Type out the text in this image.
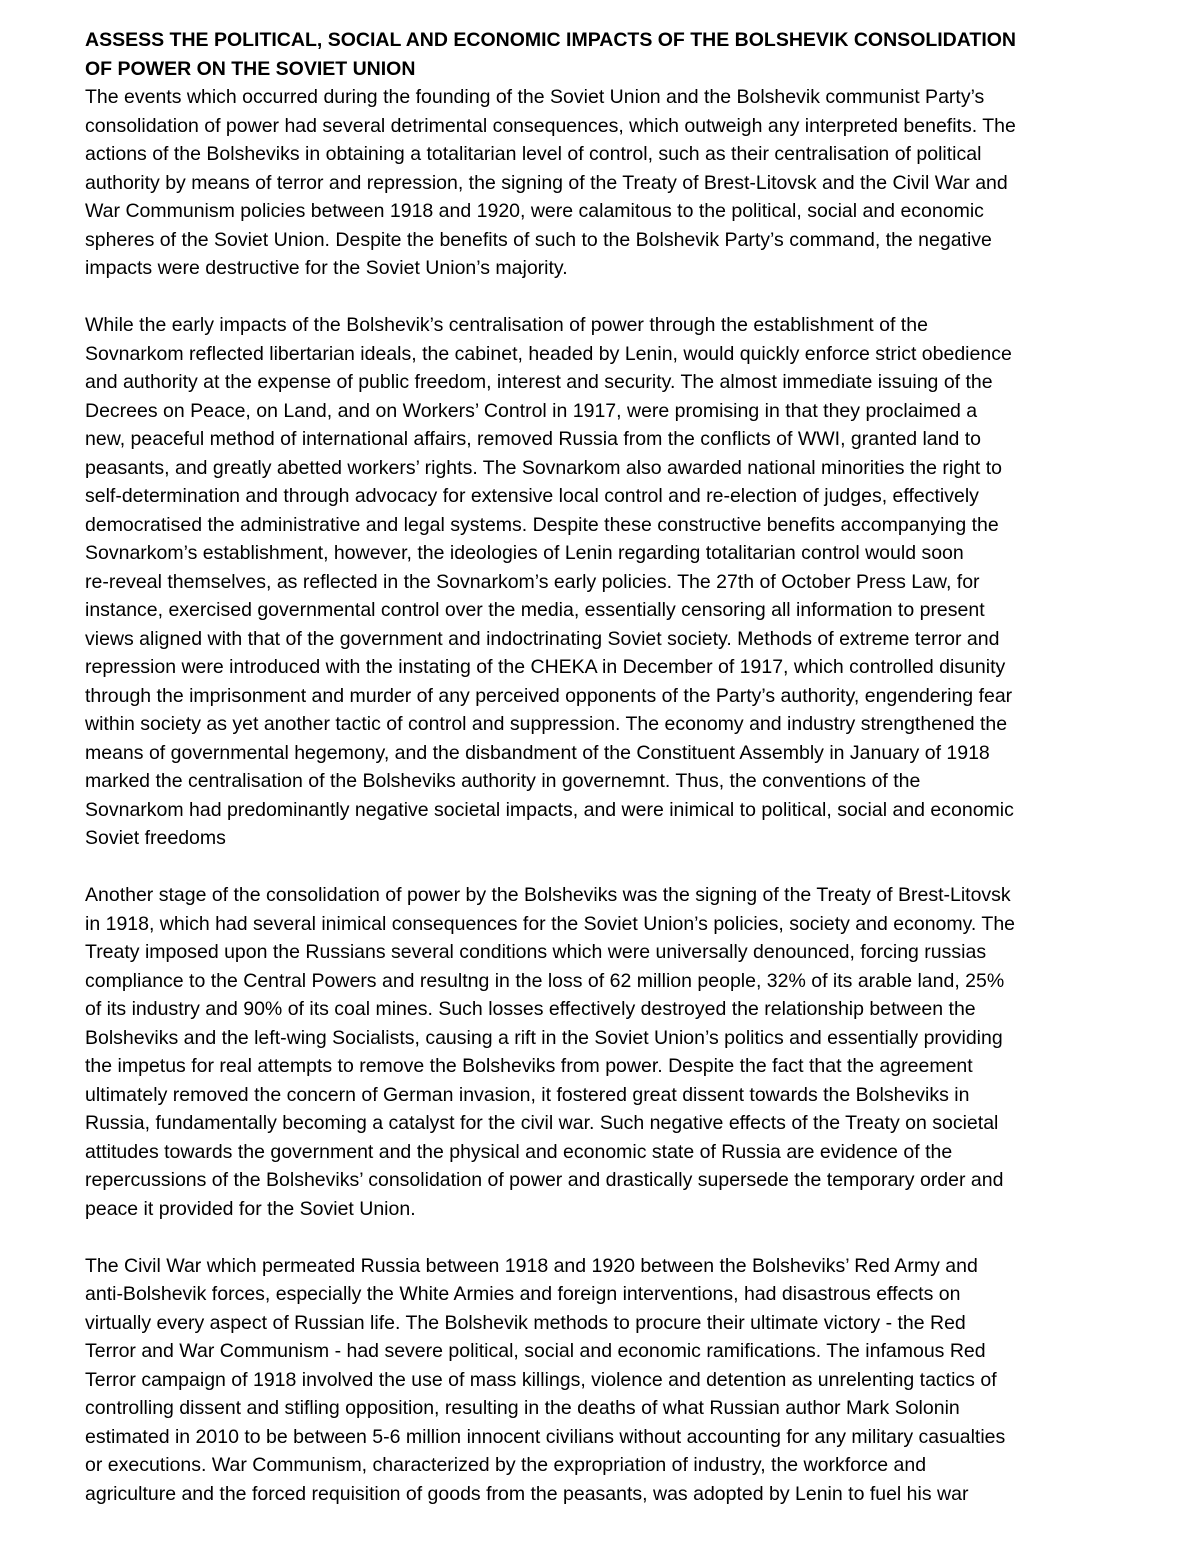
ASSESS THE POLITICAL, SOCIAL AND ECONOMIC IMPACTS OF THE BOLSHEVIK CONSOLIDATION
OF POWER ON THE SOVIET UNION

The events which occurred during the founding of the Soviet Union and the Bolshevik communist Party’s
consolidation of power had several detrimental consequences, which outweigh any interpreted benefits. The
actions of the Bolsheviks in obtaining a totalitarian level of control, such as their centralisation of political
authority by means of terror and repression, the signing of the Treaty of Brest-Litovsk and the Civil War and
War Communism policies between 1918 and 1920, were calamitous to the political, social and economic
spheres of the Soviet Union. Despite the benefits of such to the Bolshevik Party’s command, the negative
impacts were destructive for the Soviet Union’s majority.

While the early impacts of the Bolshevik’s centralisation of power through the establishment of the
Sovnarkom reflected libertarian ideals, the cabinet, headed by Lenin, would quickly enforce strict obedience
and authority at the expense of public freedom, interest and security. The almost immediate issuing of the
Decrees on Peace, on Land, and on Workers’ Control in 1917, were promising in that they proclaimed a
new, peaceful method of international affairs, removed Russia from the conflicts of WWI, granted land to
peasants, and greatly abetted workers’ rights. The Sovnarkom also awarded national minorities the right to
self-determination and through advocacy for extensive local control and re-election of judges, effectively
democratised the administrative and legal systems. Despite these constructive benefits accompanying the
Sovnarkom’s establishment, however, the ideologies of Lenin regarding totalitarian control would soon
re-reveal themselves, as reflected in the Sovnarkom’s early policies. The 27th of October Press Law, for
instance, exercised governmental control over the media, essentially censoring all information to present
views aligned with that of the government and indoctrinating Soviet society. Methods of extreme terror and
repression were introduced with the instating of the CHEKA in December of 1917, which controlled disunity
through the imprisonment and murder of any perceived opponents of the Party’s authority, engendering fear
within society as yet another tactic of control and suppression. The economy and industry strengthened the
means of governmental hegemony, and the disbandment of the Constituent Assembly in January of 1918
marked the centralisation of the Bolsheviks authority in governemnt. Thus, the conventions of the
Sovnarkom had predominantly negative societal impacts, and were inimical to political, social and economic
Soviet freedoms

Another stage of the consolidation of power by the Bolsheviks was the signing of the Treaty of Brest-Litovsk
in 1918, which had several inimical consequences for the Soviet Union’s policies, society and economy. The
Treaty imposed upon the Russians several conditions which were universally denounced, forcing russias
compliance to the Central Powers and resultng in the loss of 62 million people, 32% of its arable land, 25%
of its industry and 90% of its coal mines. Such losses effectively destroyed the relationship between the
Bolsheviks and the left-wing Socialists, causing a rift in the Soviet Union’s politics and essentially providing
the impetus for real attempts to remove the Bolsheviks from power. Despite the fact that the agreement
ultimately removed the concern of German invasion, it fostered great dissent towards the Bolsheviks in
Russia, fundamentally becoming a catalyst for the civil war. Such negative effects of the Treaty on societal
attitudes towards the government and the physical and economic state of Russia are evidence of the
repercussions of the Bolsheviks’ consolidation of power and drastically supersede the temporary order and
peace it provided for the Soviet Union.

The Civil War which permeated Russia between 1918 and 1920 between the Bolsheviks’ Red Army and
anti-Bolshevik forces, especially the White Armies and foreign interventions, had disastrous effects on
virtually every aspect of Russian life. The Bolshevik methods to procure their ultimate victory - the Red
Terror and War Communism - had severe political, social and economic ramifications. The infamous Red
Terror campaign of 1918 involved the use of mass killings, violence and detention as unrelenting tactics of
controlling dissent and stifling opposition, resulting in the deaths of what Russian author Mark Solonin
estimated in 2010 to be between 5-6 million innocent civilians without accounting for any military casualties
or executions. War Communism, characterized by the expropriation of industry, the workforce and
agriculture and the forced requisition of goods from the peasants, was adopted by Lenin to fuel his war
